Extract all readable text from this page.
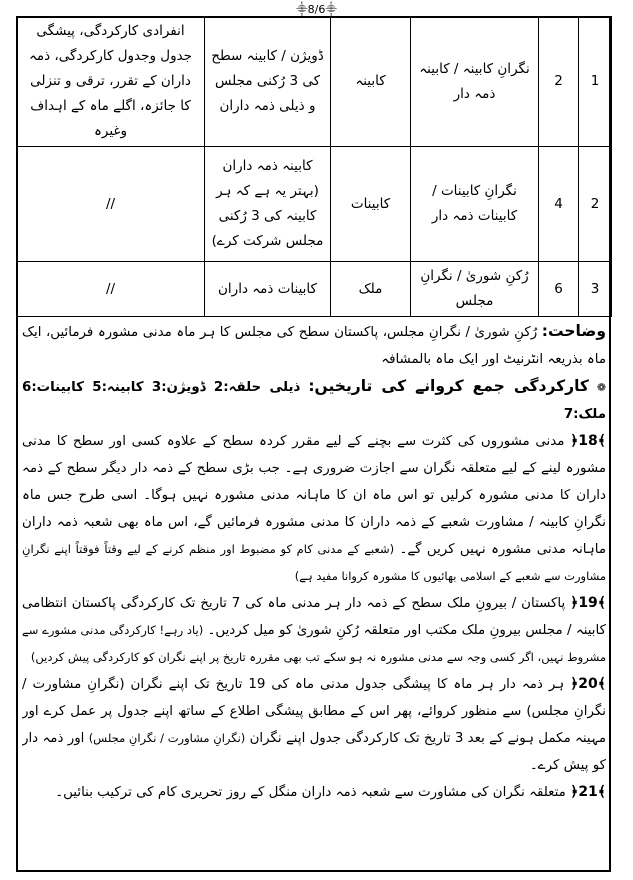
⸎8/6⸎
1	2	نگرانِ کابینہ / کابینہ ذمہ دار	کابینہ	ڈویژن / کابینہ سطح کی 3 رُکنی مجلس و ذیلی ذمہ داران	انفرادی کارکردگی، پیشگی جدول وجدول کارکردگی، ذمہ داران کے تقرر، ترقی و تنزلی کا جائزہ، اگلے ماہ کے اہداف وغیرہ
2	4	نگرانِ کابینات / کابینات ذمہ دار	کابینات	کابینہ ذمہ داران (بہتر یہ ہے کہ ہر کابینہ کی 3 رُکنی مجلس شرکت کرے)	//
3	6	رُکنِ شوریٰ / نگرانِ مجلس	ملک	کابینات ذمہ داران	//

وضاحت: رُکنِ شوریٰ / نگرانِ مجلس، پاکستان سطح کی مجلس کا ہر ماہ مدنی مشورہ فرمائیں، ایک ماہ بذریعہ انٹرنیٹ اور ایک ماہ بالمشافہ

❁ کارکردگی جمع کروانے کی تاریخیں: ذیلی حلقہ:2 ڈویژن:3 کابینہ:5 کابینات:6 ملک:7

﴾18﴿ مدنی مشوروں کی کثرت سے بچنے کے لیے مقرر کردہ سطح کے علاوہ کسی اور سطح کا مدنی مشورہ لینے کے لیے متعلقہ نگران سے اجازت ضروری ہے۔ جب بڑی سطح کے ذمہ دار دیگر سطح کے ذمہ داران کا مدنی مشورہ کرلیں تو اس ماہ ان کا ماہانہ مدنی مشورہ نہیں ہوگا۔ اسی طرح جس ماہ نگرانِ کابینہ / مشاورت شعبے کے ذمہ داران کا مدنی مشورہ فرمائیں گے، اس ماہ بھی شعبہ ذمہ داران ماہانہ مدنی مشورہ نہیں کریں گے۔ (شعبے کے مدنی کام کو مضبوط اور منظم کرنے کے لیے وقتاً فوقتاً اپنے نگرانِ مشاورت سے شعبے کے اسلامی بھائیوں کا مشورہ کروانا مفید ہے)

﴾19﴿ پاکستان / بیرونِ ملک سطح کے ذمہ دار ہر مدنی ماہ کی 7 تاریخ تک کارکردگی پاکستان انتظامی کابینہ / مجلس بیرونِ ملک مکتب اور متعلقہ رُکنِ شوریٰ کو میل کردیں۔ (یاد رہے! کارکردگی مدنی مشورے سے مشروط نہیں، اگر کسی وجہ سے مدنی مشورہ نہ ہو سکے تب بھی مقررہ تاریخ پر اپنے نگران کو کارکردگی پیش کردیں)

﴾20﴿ ہر ذمہ دار ہر ماہ کا پیشگی جدول مدنی ماہ کی 19 تاریخ تک اپنے نگران (نگرانِ مشاورت / نگرانِ مجلس) سے منظور کروائے، پھر اس کے مطابق پیشگی اطلاع کے ساتھ اپنے جدول پر عمل کرے اور مہینہ مکمل ہونے کے بعد 3 تاریخ تک کارکردگی جدول اپنے نگران (نگرانِ مشاورت / نگرانِ مجلس) اور ذمہ دار کو پیش کرے۔

﴾21﴿ متعلقہ نگران کی مشاورت سے شعبہ ذمہ داران منگل کے روز تحریری کام کی ترکیب بنائیں۔
